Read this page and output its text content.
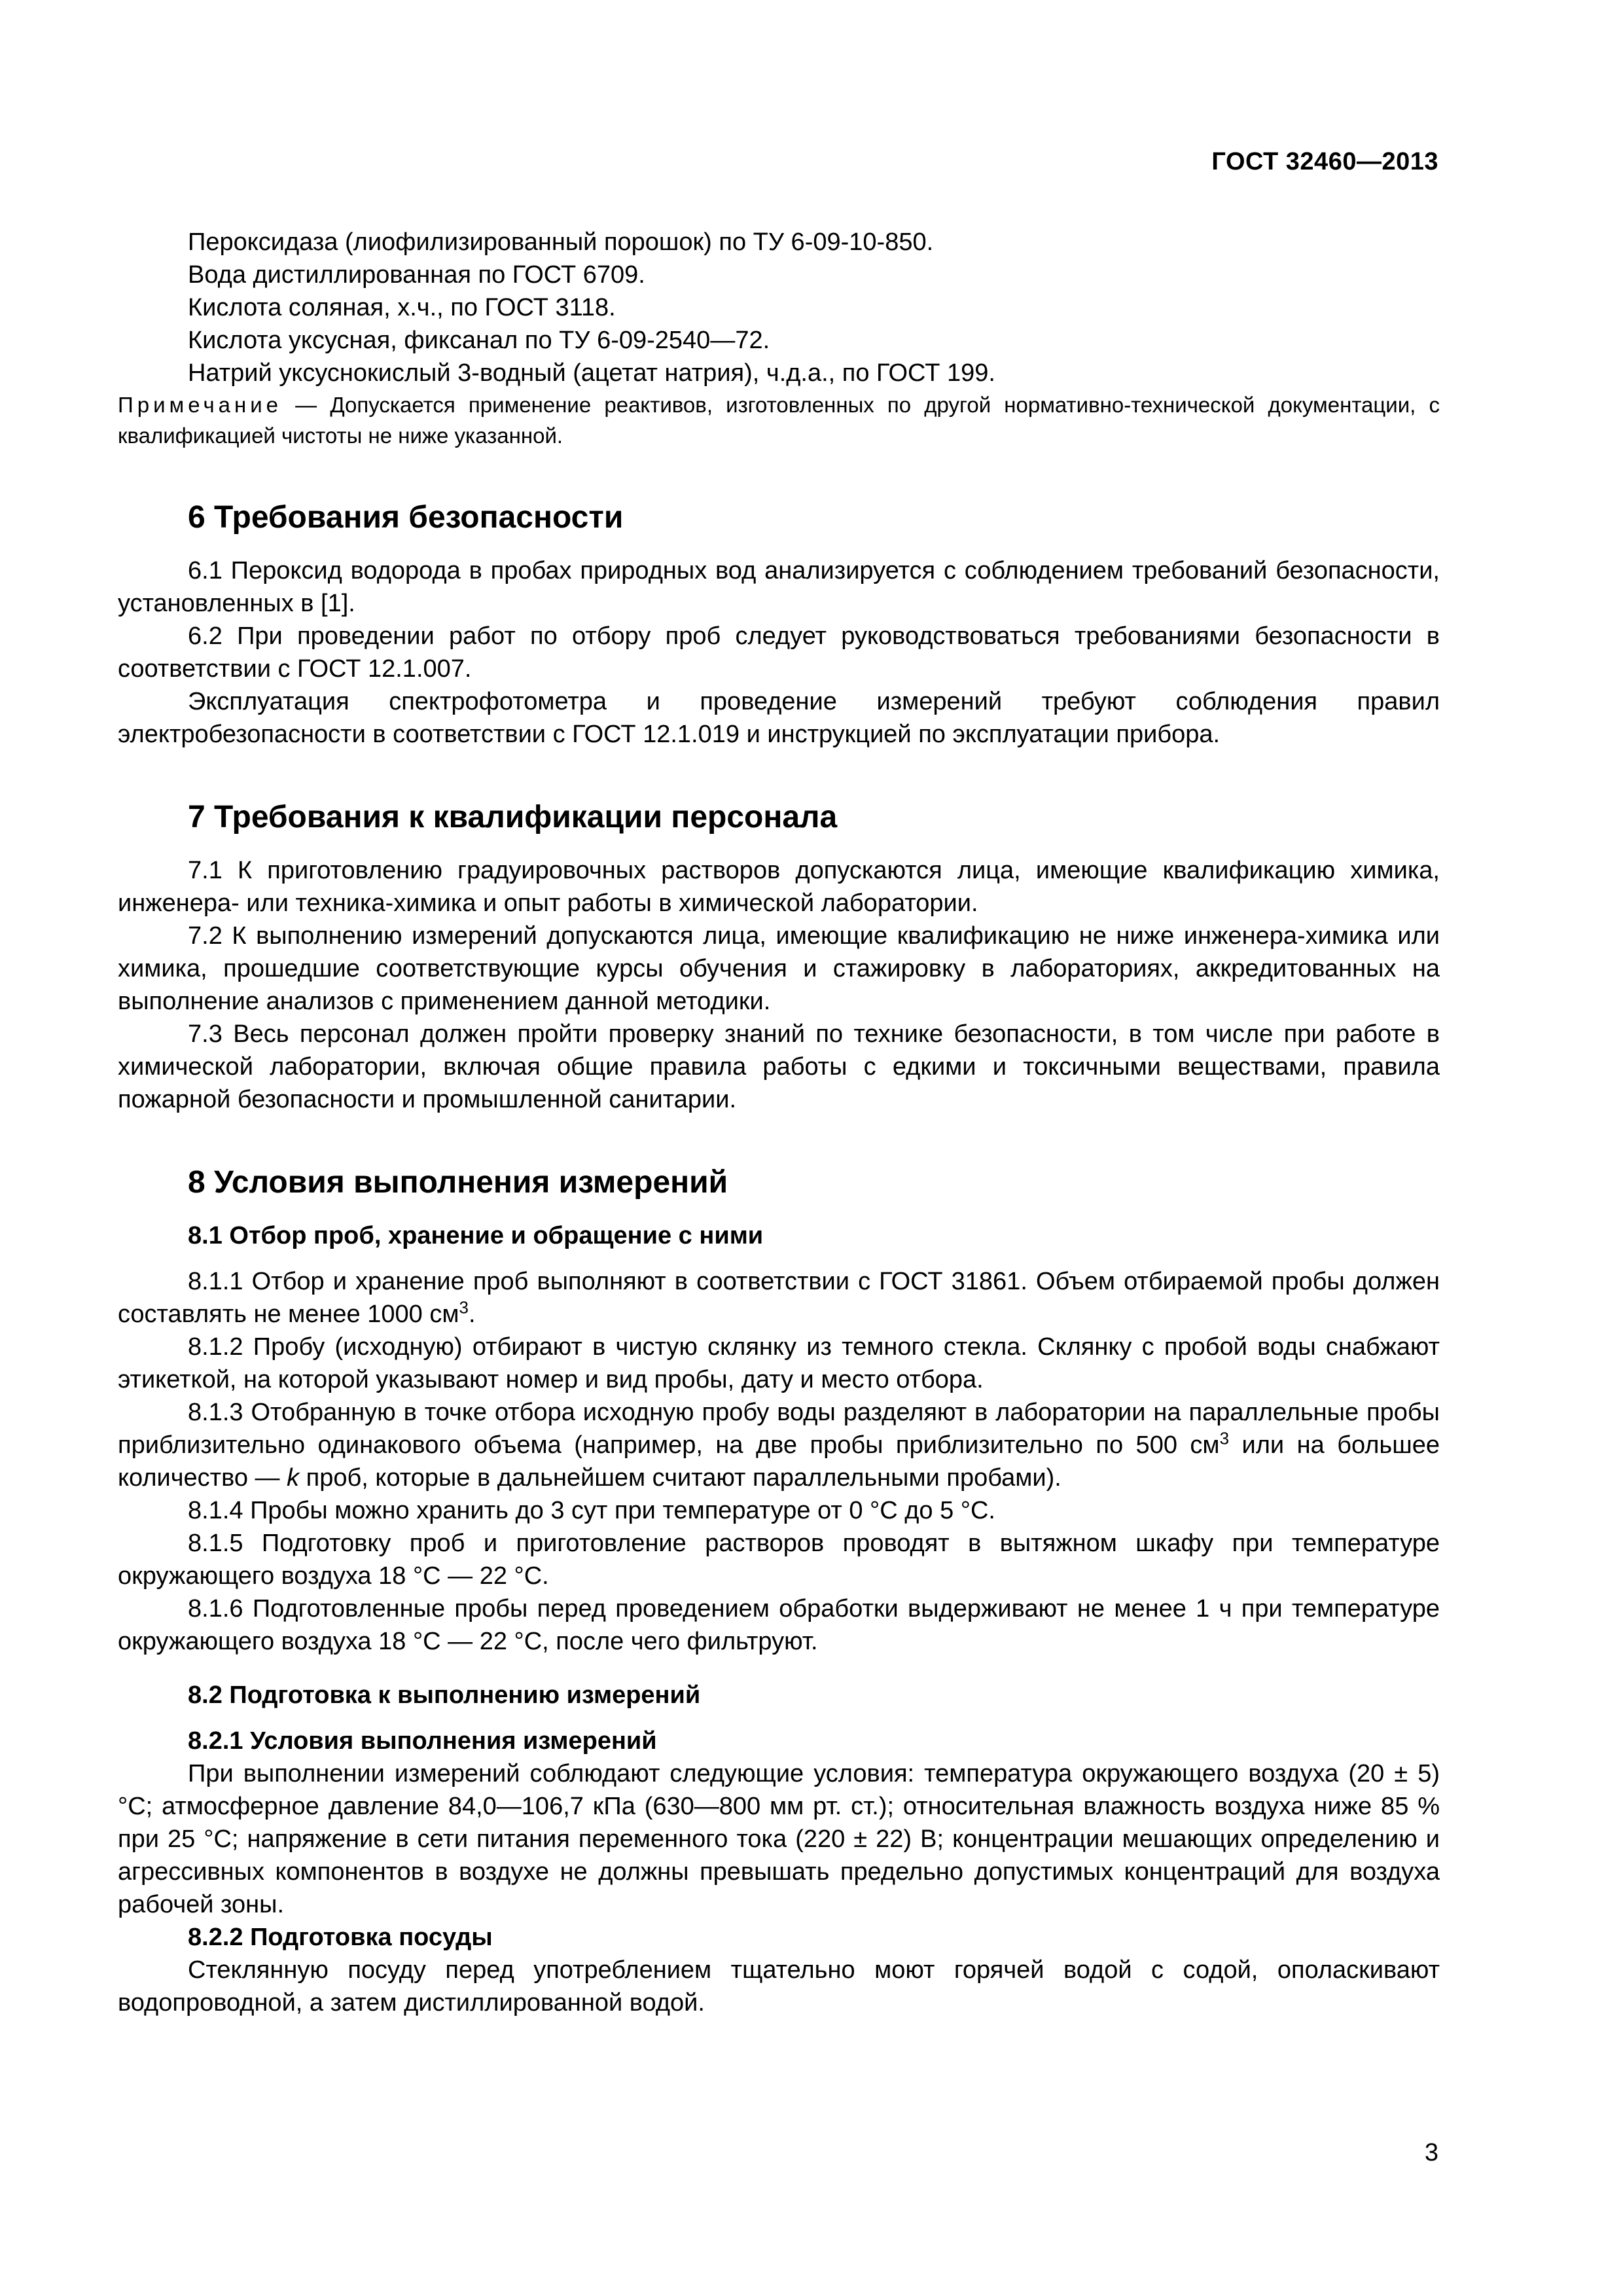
ГОСТ 32460—2013

Пероксидаза (лиофилизированный порошок) по ТУ 6-09-10-850.

Вода дистиллированная по ГОСТ 6709.

Кислота соляная, х.ч., по ГОСТ 3118.

Кислота уксусная, фиксанал по ТУ 6-09-2540—72.

Натрий уксуснокислый 3-водный (ацетат натрия), ч.д.а., по ГОСТ 199.

Примечание — Допускается применение реактивов, изготовленных по другой нормативно-технической документации, с квалификацией чистоты не ниже указанной.

6 Требования безопасности

6.1 Пероксид водорода в пробах природных вод анализируется с соблюдением требований безопасности, установленных в [1].

6.2 При проведении работ по отбору проб следует руководствоваться требованиями безопасности в соответствии с ГОСТ 12.1.007.

Эксплуатация спектрофотометра и проведение измерений требуют соблюдения правил электробезопасности в соответствии с ГОСТ 12.1.019 и инструкцией по эксплуатации прибора.

7 Требования к квалификации персонала

7.1 К приготовлению градуировочных растворов допускаются лица, имеющие квалификацию химика, инженера- или техника-химика и опыт работы в химической лаборатории.

7.2 К выполнению измерений допускаются лица, имеющие квалификацию не ниже инженера-химика или химика, прошедшие соответствующие курсы обучения и стажировку в лабораториях, аккредитованных на выполнение анализов с применением данной методики.

7.3 Весь персонал должен пройти проверку знаний по технике безопасности, в том числе при работе в химической лаборатории, включая общие правила работы с едкими и токсичными веществами, правила пожарной безопасности и промышленной санитарии.

8 Условия выполнения измерений
8.1 Отбор проб, хранение и обращение с ними

8.1.1 Отбор и хранение проб выполняют в соответствии с ГОСТ 31861. Объем отбираемой пробы должен составлять не менее 1000 $см^3$.

8.1.2 Пробу (исходную) отбирают в чистую склянку из темного стекла. Склянку с пробой воды снабжают этикеткой, на которой указывают номер и вид пробы, дату и место отбора.

8.1.3 Отобранную в точке отбора исходную пробу воды разделяют в лаборатории на параллельные пробы приблизительно одинакового объема (например, на две пробы приблизительно по 500 $см^3$ или на большее количество — k проб, которые в дальнейшем считают параллельными пробами).

8.1.4 Пробы можно хранить до 3 сут при температуре от 0 °С до 5 °С.

8.1.5 Подготовку проб и приготовление растворов проводят в вытяжном шкафу при температуре окружающего воздуха 18 °С — 22 °С.

8.1.6 Подготовленные пробы перед проведением обработки выдерживают не менее 1 ч при температуре окружающего воздуха 18 °С — 22 °С, после чего фильтруют.

8.2 Подготовка к выполнению измерений
8.2.1 Условия выполнения измерений

При выполнении измерений соблюдают следующие условия: температура окружающего воздуха (20 ± 5) °С; атмосферное давление 84,0—106,7 кПа (630—800 мм рт. ст.); относительная влажность воздуха ниже 85 % при 25 °С; напряжение в сети питания переменного тока (220 ± 22) В; концентрации мешающих определению и агрессивных компонентов в воздухе не должны превышать предельно допустимых концентраций для воздуха рабочей зоны.

8.2.2 Подготовка посуды

Стеклянную посуду перед употреблением тщательно моют горячей водой с содой, ополаскивают водопроводной, а затем дистиллированной водой.

3
